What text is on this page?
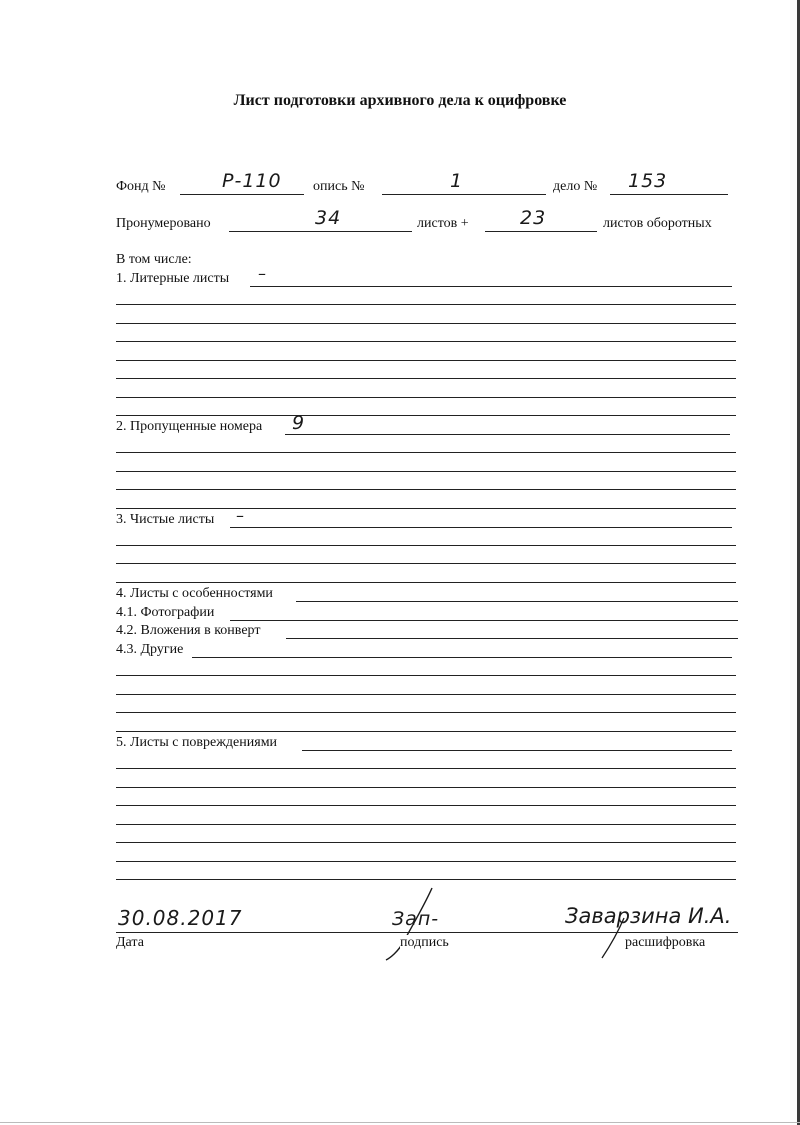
Лист подготовки архивного дела к оцифровке
Фонд №	Р-110 опись №	1	дело № 153
Пронумеровано	34	листов +	23	листов оборотных
В том числе:
1. Литерные листы –
2. Пропущенные номера 9
3. Чистые листы –
4. Листы с особенностями
4.1. Фотографии
4.2. Вложения в конверт
4.3. Другие
5. Листы с повреждениями
30.08.2017
Дата
Зап-
подпись
Заварзина И.А.
расшифровка
